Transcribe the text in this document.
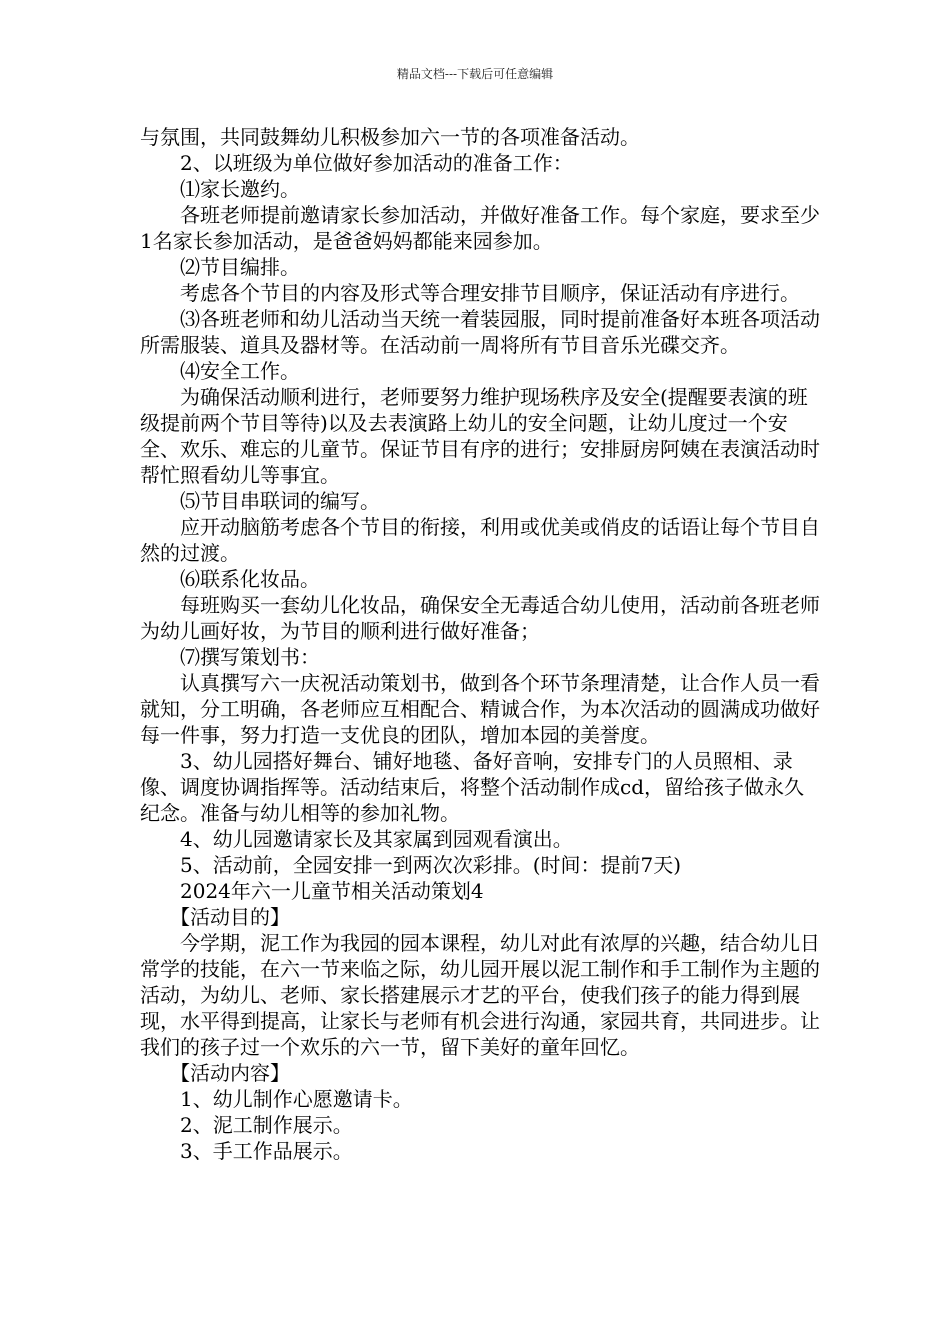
精品文档---下载后可任意编辑

与氛围，共同鼓舞幼儿积极参加六一节的各项准备活动。

　　2、以班级为单位做好参加活动的准备工作：

　　⑴家长邀约。

　　各班老师提前邀请家长参加活动，并做好准备工作。每个家庭，要求至少1名家长参加活动，是爸爸妈妈都能来园参加。

　　⑵节目编排。

　　考虑各个节目的内容及形式等合理安排节目顺序，保证活动有序进行。

　　⑶各班老师和幼儿活动当天统一着装园服，同时提前准备好本班各项活动所需服装、道具及器材等。在活动前一周将所有节目音乐光碟交齐。

　　⑷安全工作。

　　为确保活动顺利进行，老师要努力维护现场秩序及安全(提醒要表演的班级提前两个节目等待)以及去表演路上幼儿的安全问题，让幼儿度过一个安全、欢乐、难忘的儿童节。保证节目有序的进行；安排厨房阿姨在表演活动时帮忙照看幼儿等事宜。

　　⑸节目串联词的编写。

　　应开动脑筋考虑各个节目的衔接，利用或优美或俏皮的话语让每个节目自然的过渡。

　　⑹联系化妆品。

　　每班购买一套幼儿化妆品，确保安全无毒适合幼儿使用，活动前各班老师为幼儿画好妆，为节目的顺利进行做好准备；

　　⑺撰写策划书：

　　认真撰写六一庆祝活动策划书，做到各个环节条理清楚，让合作人员一看就知，分工明确，各老师应互相配合、精诚合作，为本次活动的圆满成功做好每一件事，努力打造一支优良的团队，增加本园的美誉度。

　　3、幼儿园搭好舞台、铺好地毯、备好音响，安排专门的人员照相、录像、调度协调指挥等。活动结束后，将整个活动制作成cd，留给孩子做永久纪念。准备与幼儿相等的参加礼物。

　　4、幼儿园邀请家长及其家属到园观看演出。

　　5、活动前，全园安排一到两次次彩排。(时间：提前7天)

　　2024年六一儿童节相关活动策划4

　　【活动目的】

　　今学期，泥工作为我园的园本课程，幼儿对此有浓厚的兴趣，结合幼儿日常学的技能，在六一节来临之际，幼儿园开展以泥工制作和手工制作为主题的活动，为幼儿、老师、家长搭建展示才艺的平台，使我们孩子的能力得到展现，水平得到提高，让家长与老师有机会进行沟通，家园共育，共同进步。让我们的孩子过一个欢乐的六一节，留下美好的童年回忆。

　　【活动内容】

　　1、幼儿制作心愿邀请卡。

　　2、泥工制作展示。

　　3、手工作品展示。
